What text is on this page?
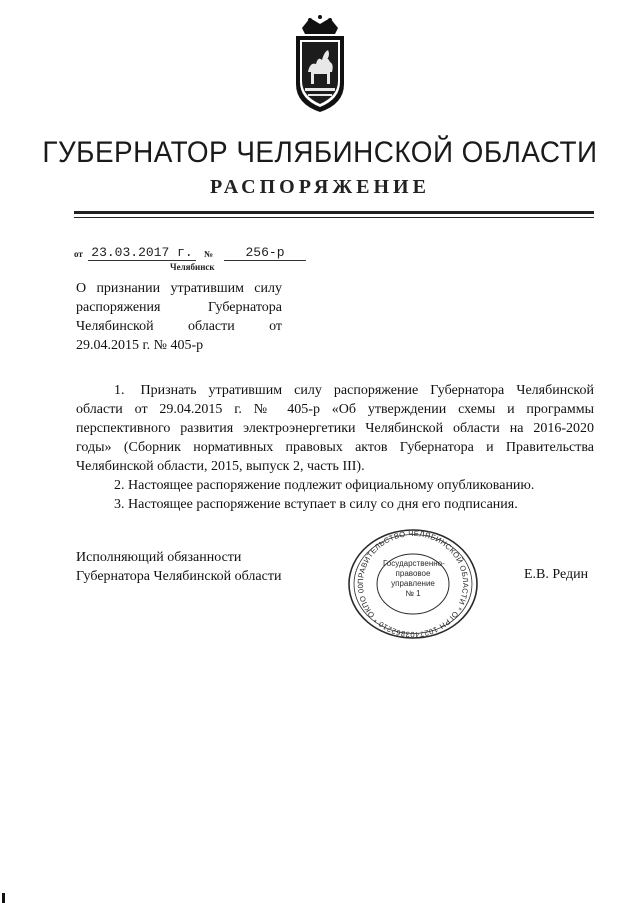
ГУБЕРНАТОР ЧЕЛЯБИНСКОЙ ОБЛАСТИ
РАСПОРЯЖЕНИЕ
от 23.03.2017 г.	№	256-р
Челябинск
О признании утратившим силу распоряжения Губернатора Челябинской области от 29.04.2015 г. № 405-р

1. Признать утратившим силу распоряжение Губернатора Челябинской области от 29.04.2015 г. № 405-р «Об утверждении схемы и программы перспективного развития электроэнергетики Челябинской области на 2016-2020 годы» (Сборник нормативных правовых актов Губернатора и Правительства Челябинской области, 2015, выпуск 2, часть III).

2. Настоящее распоряжение подлежит официальному опубликованию.

3. Настоящее распоряжение вступает в силу со дня его подписания.

Исполняющий обязанности
Губернатора Челябинской области	Е.В. Редин
ПРАВИТЕЛЬСТВО ЧЕЛЯБИНСКОЙ ОБЛАСТИ * ОГРН 1027403862210 * ОКПО 00
Государственно-
правовое
управление
№ 1
